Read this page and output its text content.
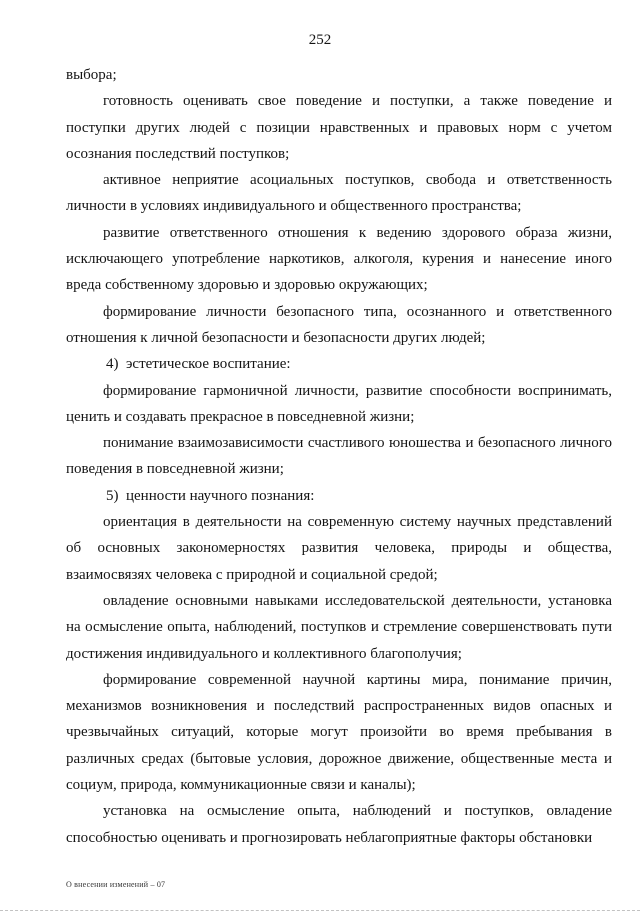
252

выбора;

готовность оценивать свое поведение и поступки, а также поведение и поступки других людей с позиции нравственных и правовых норм с учетом осознания последствий поступков;

активное неприятие асоциальных поступков, свобода и ответственность личности в условиях индивидуального и общественного пространства;

развитие ответственного отношения к ведению здорового образа жизни, исключающего употребление наркотиков, алкоголя, курения и нанесение иного вреда собственному здоровью и здоровью окружающих;

формирование личности безопасного типа, осознанного и ответственного отношения к личной безопасности и безопасности других людей;

4)  эстетическое воспитание:

формирование гармоничной личности, развитие способности воспринимать, ценить и создавать прекрасное в повседневной жизни;

понимание взаимозависимости счастливого юношества и безопасного личного поведения в повседневной жизни;

5)  ценности научного познания:

ориентация в деятельности на современную систему научных представлений об основных закономерностях развития человека, природы и общества, взаимосвязях человека с природной и социальной средой;

овладение основными навыками исследовательской деятельности, установка на осмысление опыта, наблюдений, поступков и стремление совершенствовать пути достижения индивидуального и коллективного благополучия;

формирование современной научной картины мира, понимание причин, механизмов возникновения и последствий распространенных видов опасных и чрезвычайных ситуаций, которые могут произойти во время пребывания в различных средах (бытовые условия, дорожное движение, общественные места и социум, природа, коммуникационные связи и каналы);

установка на осмысление опыта, наблюдений и поступков, овладение способностью оценивать и прогнозировать неблагоприятные факторы обстановки

О внесении изменений – 07
